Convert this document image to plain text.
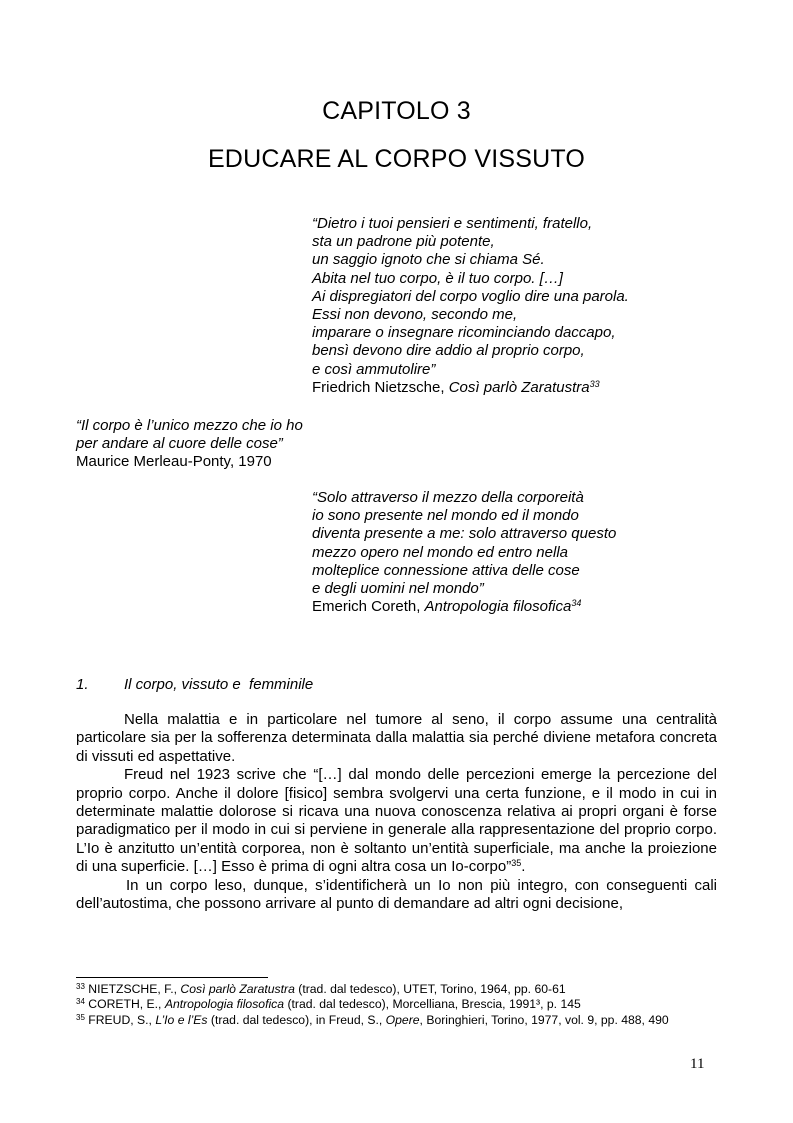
CAPITOLO 3
EDUCARE AL CORPO VISSUTO
“Dietro i tuoi pensieri e sentimenti, fratello,
sta un padrone più potente,
un saggio ignoto che si chiama Sé.
Abita nel tuo corpo, è il tuo corpo. […]
Ai dispregiatori del corpo voglio dire una parola.
Essi non devono, secondo me,
imparare o insegnare ricominciando daccapo,
bensì devono dire addio al proprio corpo,
e così ammutolire”
Friedrich Nietzsche, Così parlò Zaratustra$^{33}$
“Il corpo è l’unico mezzo che io ho
per andare al cuore delle cose”
Maurice Merleau-Ponty, 1970
“Solo attraverso il mezzo della corporeità
io sono presente nel mondo ed il mondo
diventa presente a me: solo attraverso questo
mezzo opero nel mondo ed entro nella
molteplice connessione attiva delle cose
e degli uomini nel mondo”
Emerich Coreth, Antropologia filosofica$^{34}$
1. Il corpo, vissuto e  femminile

Nella malattia e in particolare nel tumore al seno, il corpo assume una centralità particolare sia per la sofferenza determinata dalla malattia sia perché diviene metafora concreta di vissuti ed aspettative.

Freud nel 1923 scrive che “[…] dal mondo delle percezioni emerge la percezione del proprio corpo. Anche il dolore [fisico] sembra svolgervi una certa funzione, e il modo in cui in determinate malattie dolorose si ricava una nuova conoscenza relativa ai propri organi è forse paradigmatico per il modo in cui si perviene in generale alla rappresentazione del proprio corpo. L’Io è anzitutto un’entità corporea, non è soltanto un’entità superficiale, ma anche la proiezione di una superficie. […] Esso è prima di ogni altra cosa un Io-corpo”$^{35}$.

In un corpo leso, dunque, s’identificherà un Io non più integro, con conseguenti cali dell’autostima, che possono arrivare al punto di demandare ad altri ogni decisione,

$^{33}$ NIETZSCHE, F., Così parlò Zaratustra (trad. dal tedesco), UTET, Torino, 1964, pp. 60-61
$^{34}$ CORETH, E., Antropologia filosofica (trad. dal tedesco), Morcelliana, Brescia, 1991³, p. 145
$^{35}$ FREUD, S., L’Io e l’Es (trad. dal tedesco), in Freud, S., Opere, Boringhieri, Torino, 1977, vol. 9, pp. 488, 490
11
